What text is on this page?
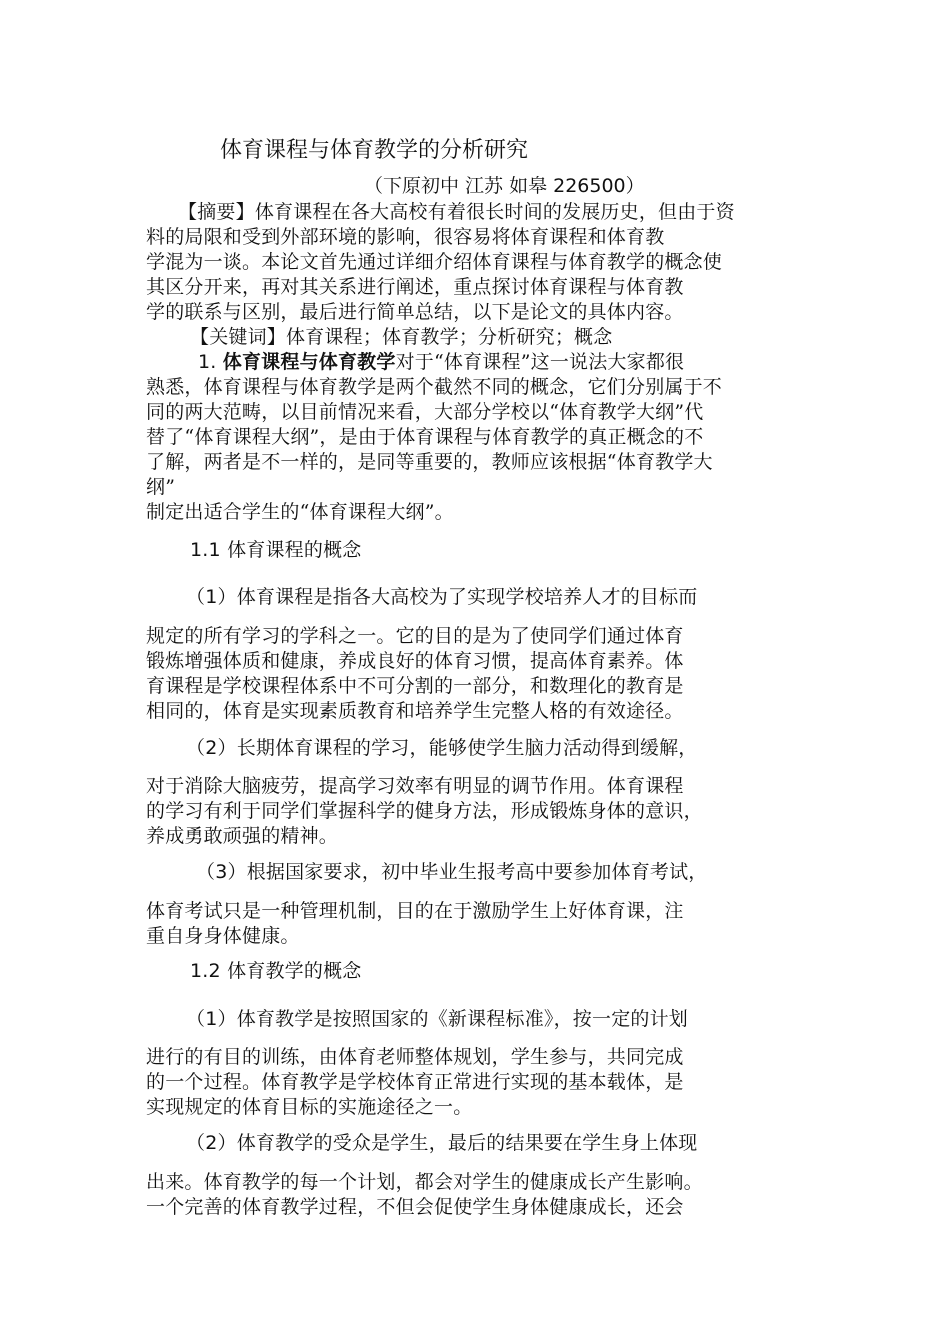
体育课程与体育教学的分析研究
（下原初中 江苏 如皋 226500）
【摘要】体育课程在各大高校有着很长时间的发展历史，但由于资
料的局限和受到外部环境的影响，很容易将体育课程和体育教
学混为一谈。本论文首先通过详细介绍体育课程与体育教学的概念使
其区分开来，再对其关系进行阐述，重点探讨体育课程与体育教
学的联系与区别，最后进行简单总结，以下是论文的具体内容。
【关键词】体育课程；体育教学；分析研究；概念
1. 体育课程与体育教学对于“体育课程”这一说法大家都很
熟悉，体育课程与体育教学是两个截然不同的概念，它们分别属于不
同的两大范畴，以目前情况来看，大部分学校以“体育教学大纲”代
替了“体育课程大纲”，是由于体育课程与体育教学的真正概念的不
了解，两者是不一样的，是同等重要的，教师应该根据“体育教学大
纲”
制定出适合学生的“体育课程大纲”。
1.1 体育课程的概念
（1）体育课程是指各大高校为了实现学校培养人才的目标而
规定的所有学习的学科之一。它的目的是为了使同学们通过体育
锻炼增强体质和健康，养成良好的体育习惯，提高体育素养。体
育课程是学校课程体系中不可分割的一部分，和数理化的教育是
相同的，体育是实现素质教育和培养学生完整人格的有效途径。
（2）长期体育课程的学习，能够使学生脑力活动得到缓解，
对于消除大脑疲劳，提高学习效率有明显的调节作用。体育课程
的学习有利于同学们掌握科学的健身方法，形成锻炼身体的意识，
养成勇敢顽强的精神。
（3）根据国家要求，初中毕业生报考高中要参加体育考试，
体育考试只是一种管理机制，目的在于激励学生上好体育课，注
重自身身体健康。
1.2 体育教学的概念
（1）体育教学是按照国家的《新课程标准》，按一定的计划
进行的有目的训练，由体育老师整体规划，学生参与，共同完成
的一个过程。体育教学是学校体育正常进行实现的基本载体，是
实现规定的体育目标的实施途径之一。
（2）体育教学的受众是学生，最后的结果要在学生身上体现
出来。体育教学的每一个计划，都会对学生的健康成长产生影响。
一个完善的体育教学过程，不但会促使学生身体健康成长，还会
